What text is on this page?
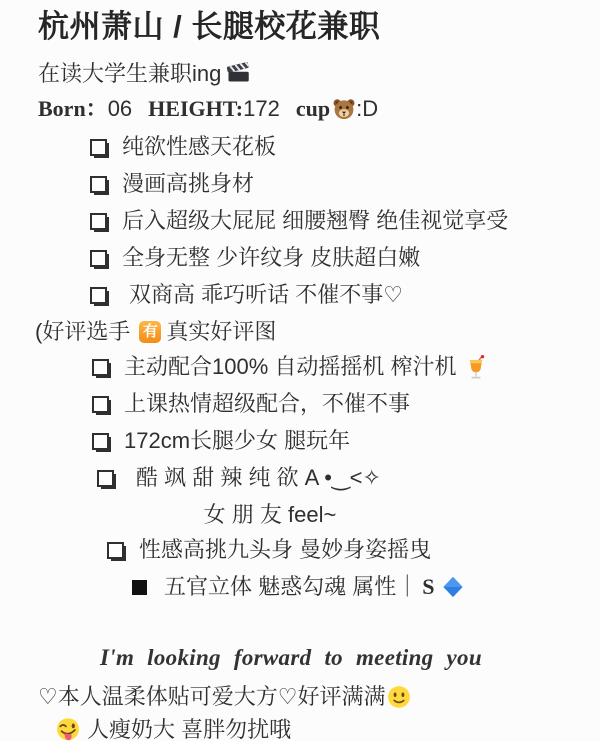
杭州萧山 / 长腿校花兼职
在读大学生兼职ing
Born： 06 HEIGHT: 172 cup :D
纯欲性感天花板
漫画高挑身材
后入超级大屁屁 细腰翘臀 绝佳视觉享受
全身无整 少许纹身 皮肤超白嫩
双商高 乖巧听话 不催不事♡
(好评选手 有 真实好评图
主动配合100% 自动摇摇机 榨汁机
上课热情超级配合，不催不事
172cm长腿少女 腿玩年
酷 飒 甜 辣 纯 欲 A •‿˂✧
女 朋 友 feel~
性感高挑九头身 曼妙身姿摇曳
五官立体 魅惑勾魂 属性｜ S
I'm looking forward to meeting you
♡本人温柔体贴可爱大方♡好评满满
人瘦奶大 喜胖勿扰哦
